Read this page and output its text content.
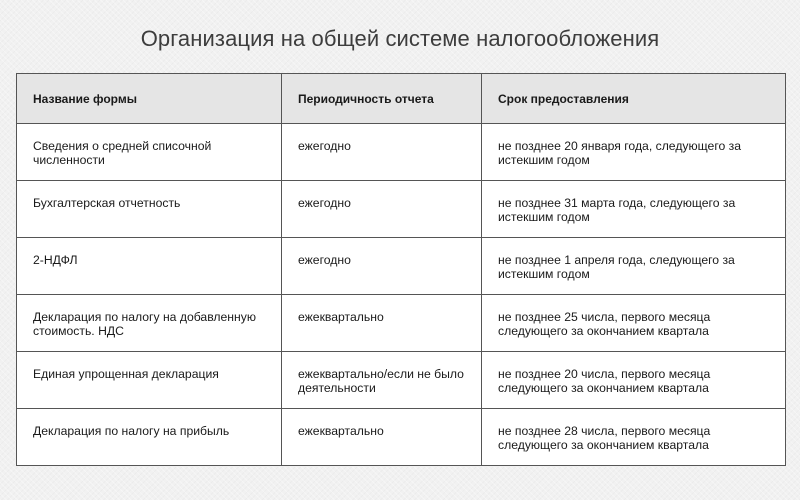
Организация на общей системе налогообложения
Название формы	Периодичность отчета	Срок предоставления
Сведения о средней списочной численности	ежегодно	не позднее 20 января года, следующего за истекшим годом
Бухгалтерская отчетность	ежегодно	не позднее 31 марта года, следующего за истекшим годом
2-НДФЛ	ежегодно	не позднее 1 апреля года, следующего за истекшим годом
Декларация по налогу на добавленную стоимость. НДС	ежеквартально	не позднее 25 числа, первого месяца следующего за окончанием квартала
Единая упрощенная декларация	ежеквартально/если не было деятельности	не позднее 20 числа, первого месяца следующего за окончанием квартала
Декларация по налогу на прибыль	ежеквартально	не позднее 28 числа, первого месяца следующего за окончанием квартала
